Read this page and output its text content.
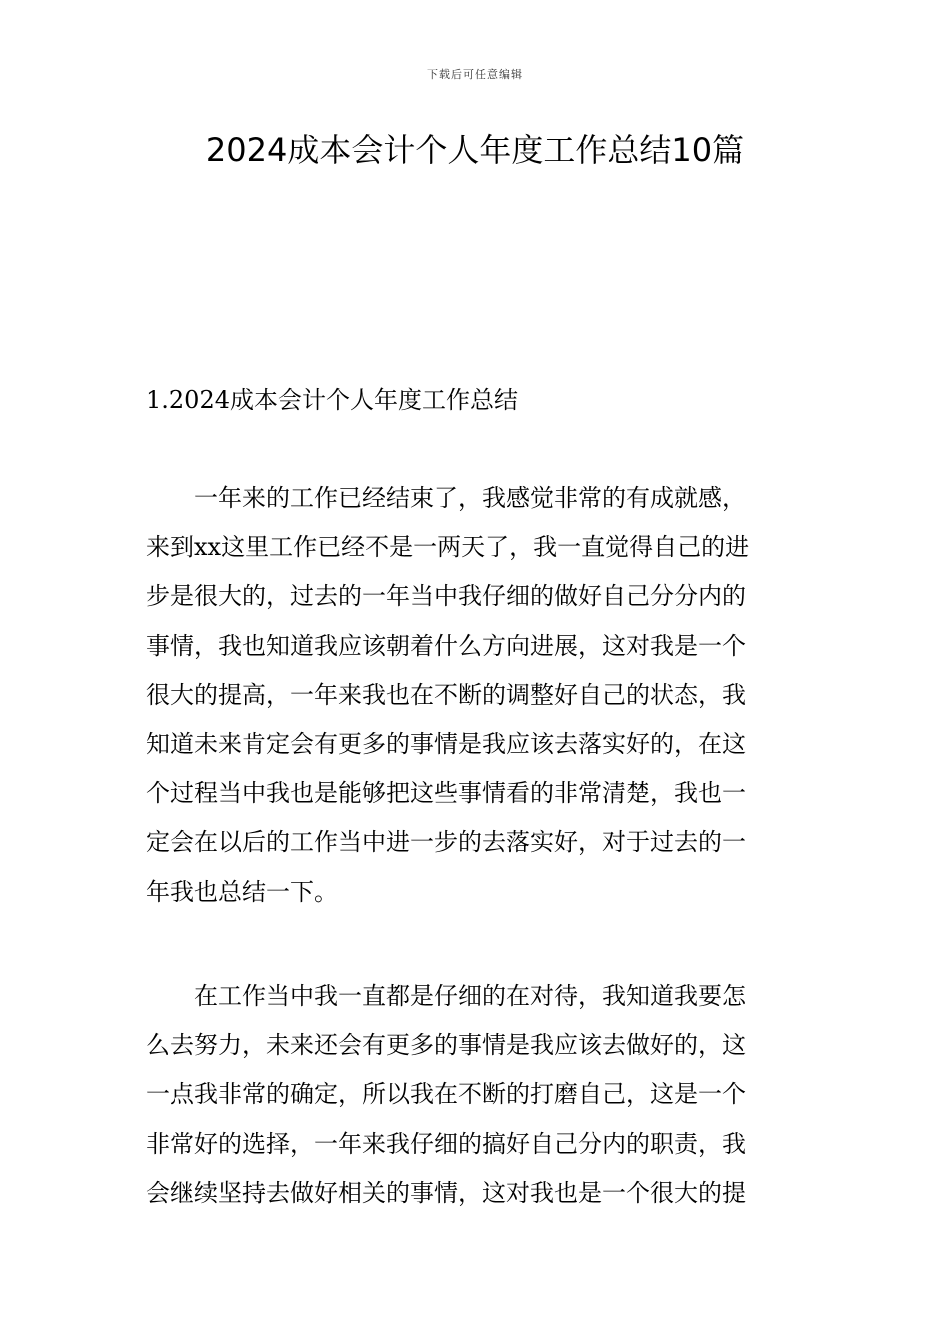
下载后可任意编辑
2024成本会计个人年度工作总结10篇
1.2024成本会计个人年度工作总结
　　一年来的工作已经结束了，我感觉非常的有成就感，
来到xx这里工作已经不是一两天了，我一直觉得自己的进
步是很大的，过去的一年当中我仔细的做好自己分分内的
事情，我也知道我应该朝着什么方向进展，这对我是一个
很大的提高，一年来我也在不断的调整好自己的状态，我
知道未来肯定会有更多的事情是我应该去落实好的，在这
个过程当中我也是能够把这些事情看的非常清楚，我也一
定会在以后的工作当中进一步的去落实好，对于过去的一
年我也总结一下。
　　在工作当中我一直都是仔细的在对待，我知道我要怎
么去努力，未来还会有更多的事情是我应该去做好的，这
一点我非常的确定，所以我在不断的打磨自己，这是一个
非常好的选择，一年来我仔细的搞好自己分内的职责，我
会继续坚持去做好相关的事情，这对我也是一个很大的提
